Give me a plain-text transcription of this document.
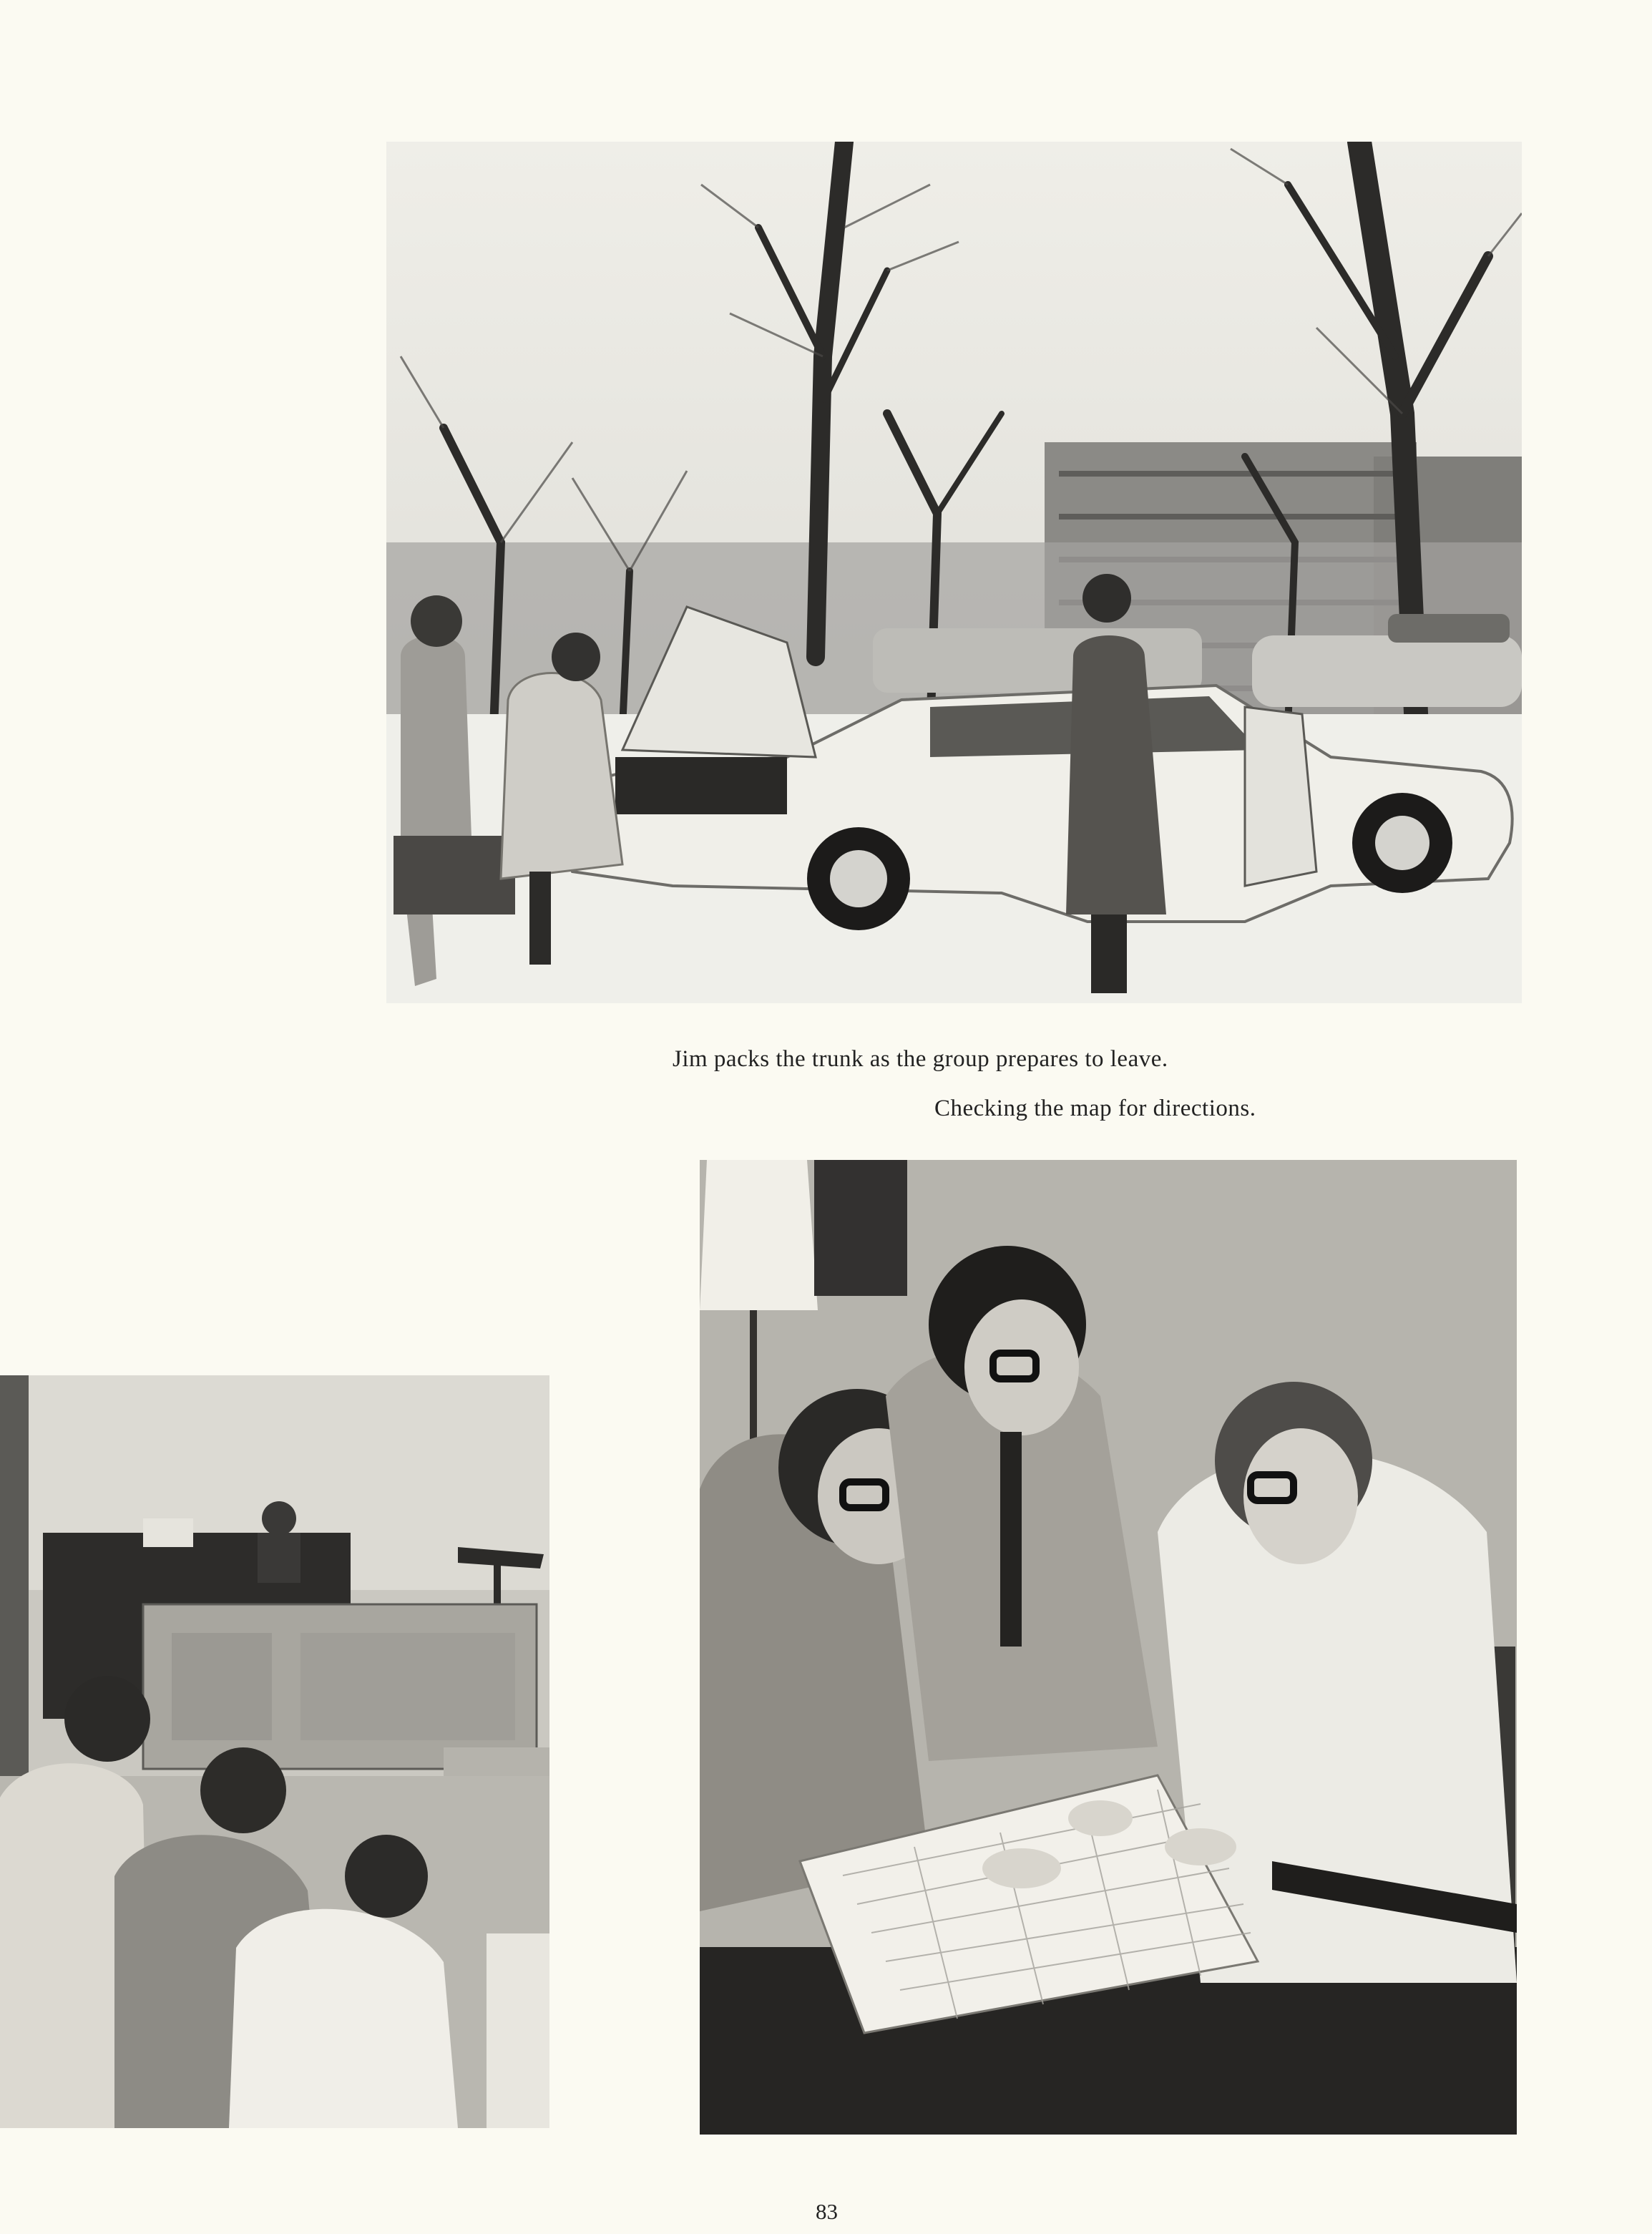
Jim packs the trunk as the group prepares to leave.
Checking the map for directions.
83
